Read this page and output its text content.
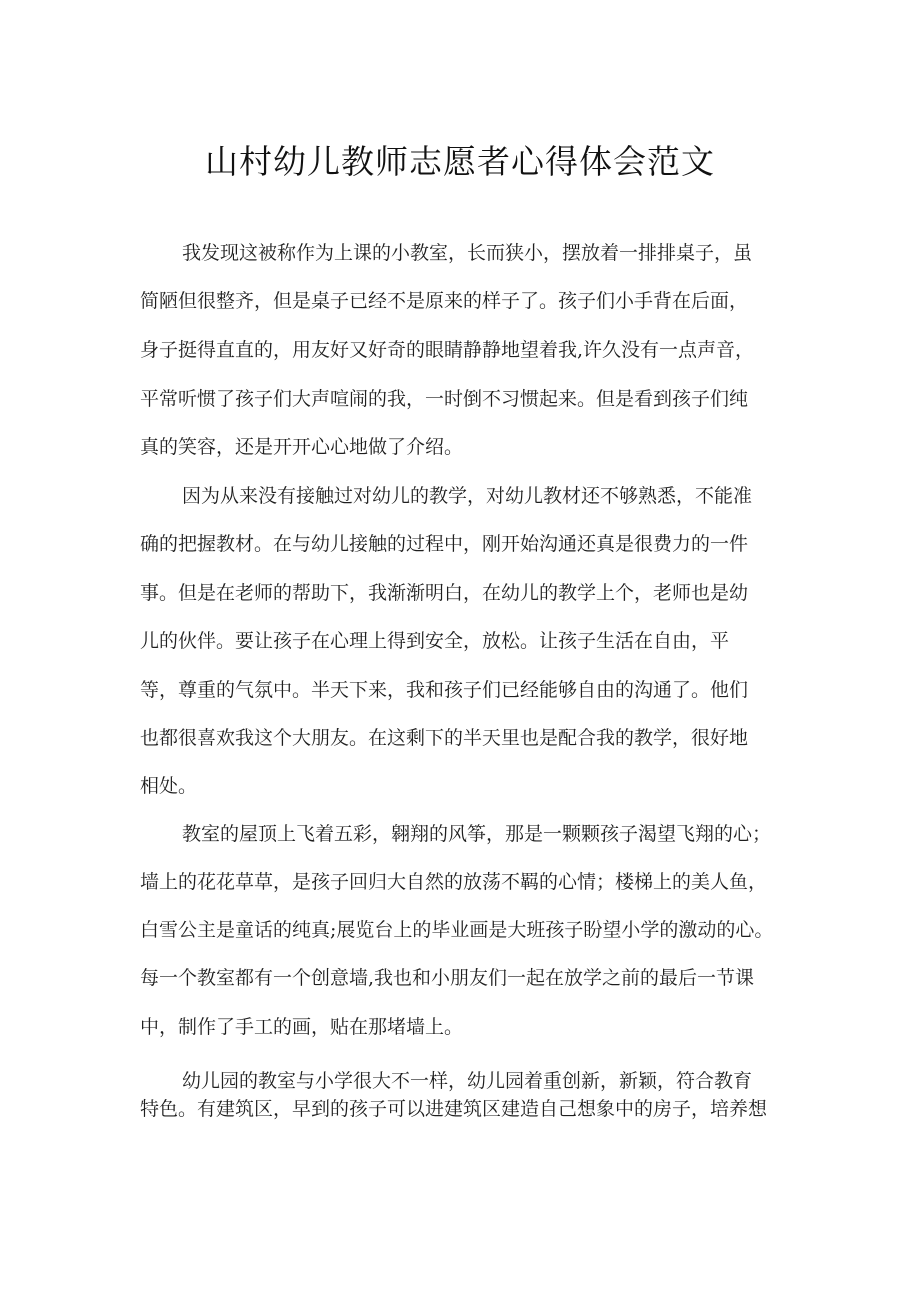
山村幼儿教师志愿者心得体会范文

我发现这被称作为上课的小教室，长而狭小，摆放着一排排桌子，虽

简陋但很整齐，但是桌子已经不是原来的样子了。孩子们小手背在后面，

身子挺得直直的，用友好又好奇的眼睛静静地望着我,许久没有一点声音，

平常听惯了孩子们大声喧闹的我，一时倒不习惯起来。但是看到孩子们纯

真的笑容，还是开开心心地做了介绍。

因为从来没有接触过对幼儿的教学，对幼儿教材还不够熟悉，不能准

确的把握教材。在与幼儿接触的过程中，刚开始沟通还真是很费力的一件

事。但是在老师的帮助下，我渐渐明白，在幼儿的教学上个，老师也是幼

儿的伙伴。要让孩子在心理上得到安全，放松。让孩子生活在自由，平

等，尊重的气氛中。半天下来，我和孩子们已经能够自由的沟通了。他们

也都很喜欢我这个大朋友。在这剩下的半天里也是配合我的教学，很好地

相处。

教室的屋顶上飞着五彩，翱翔的风筝，那是一颗颗孩子渴望飞翔的心；

墙上的花花草草，是孩子回归大自然的放荡不羁的心情；楼梯上的美人鱼，

白雪公主是童话的纯真;展览台上的毕业画是大班孩子盼望小学的激动的心。

每一个教室都有一个创意墙,我也和小朋友们一起在放学之前的最后一节课

中，制作了手工的画，贴在那堵墙上。

幼儿园的教室与小学很大不一样，幼儿园着重创新，新颖，符合教育

特色。有建筑区，早到的孩子可以进建筑区建造自己想象中的房子，培养想
